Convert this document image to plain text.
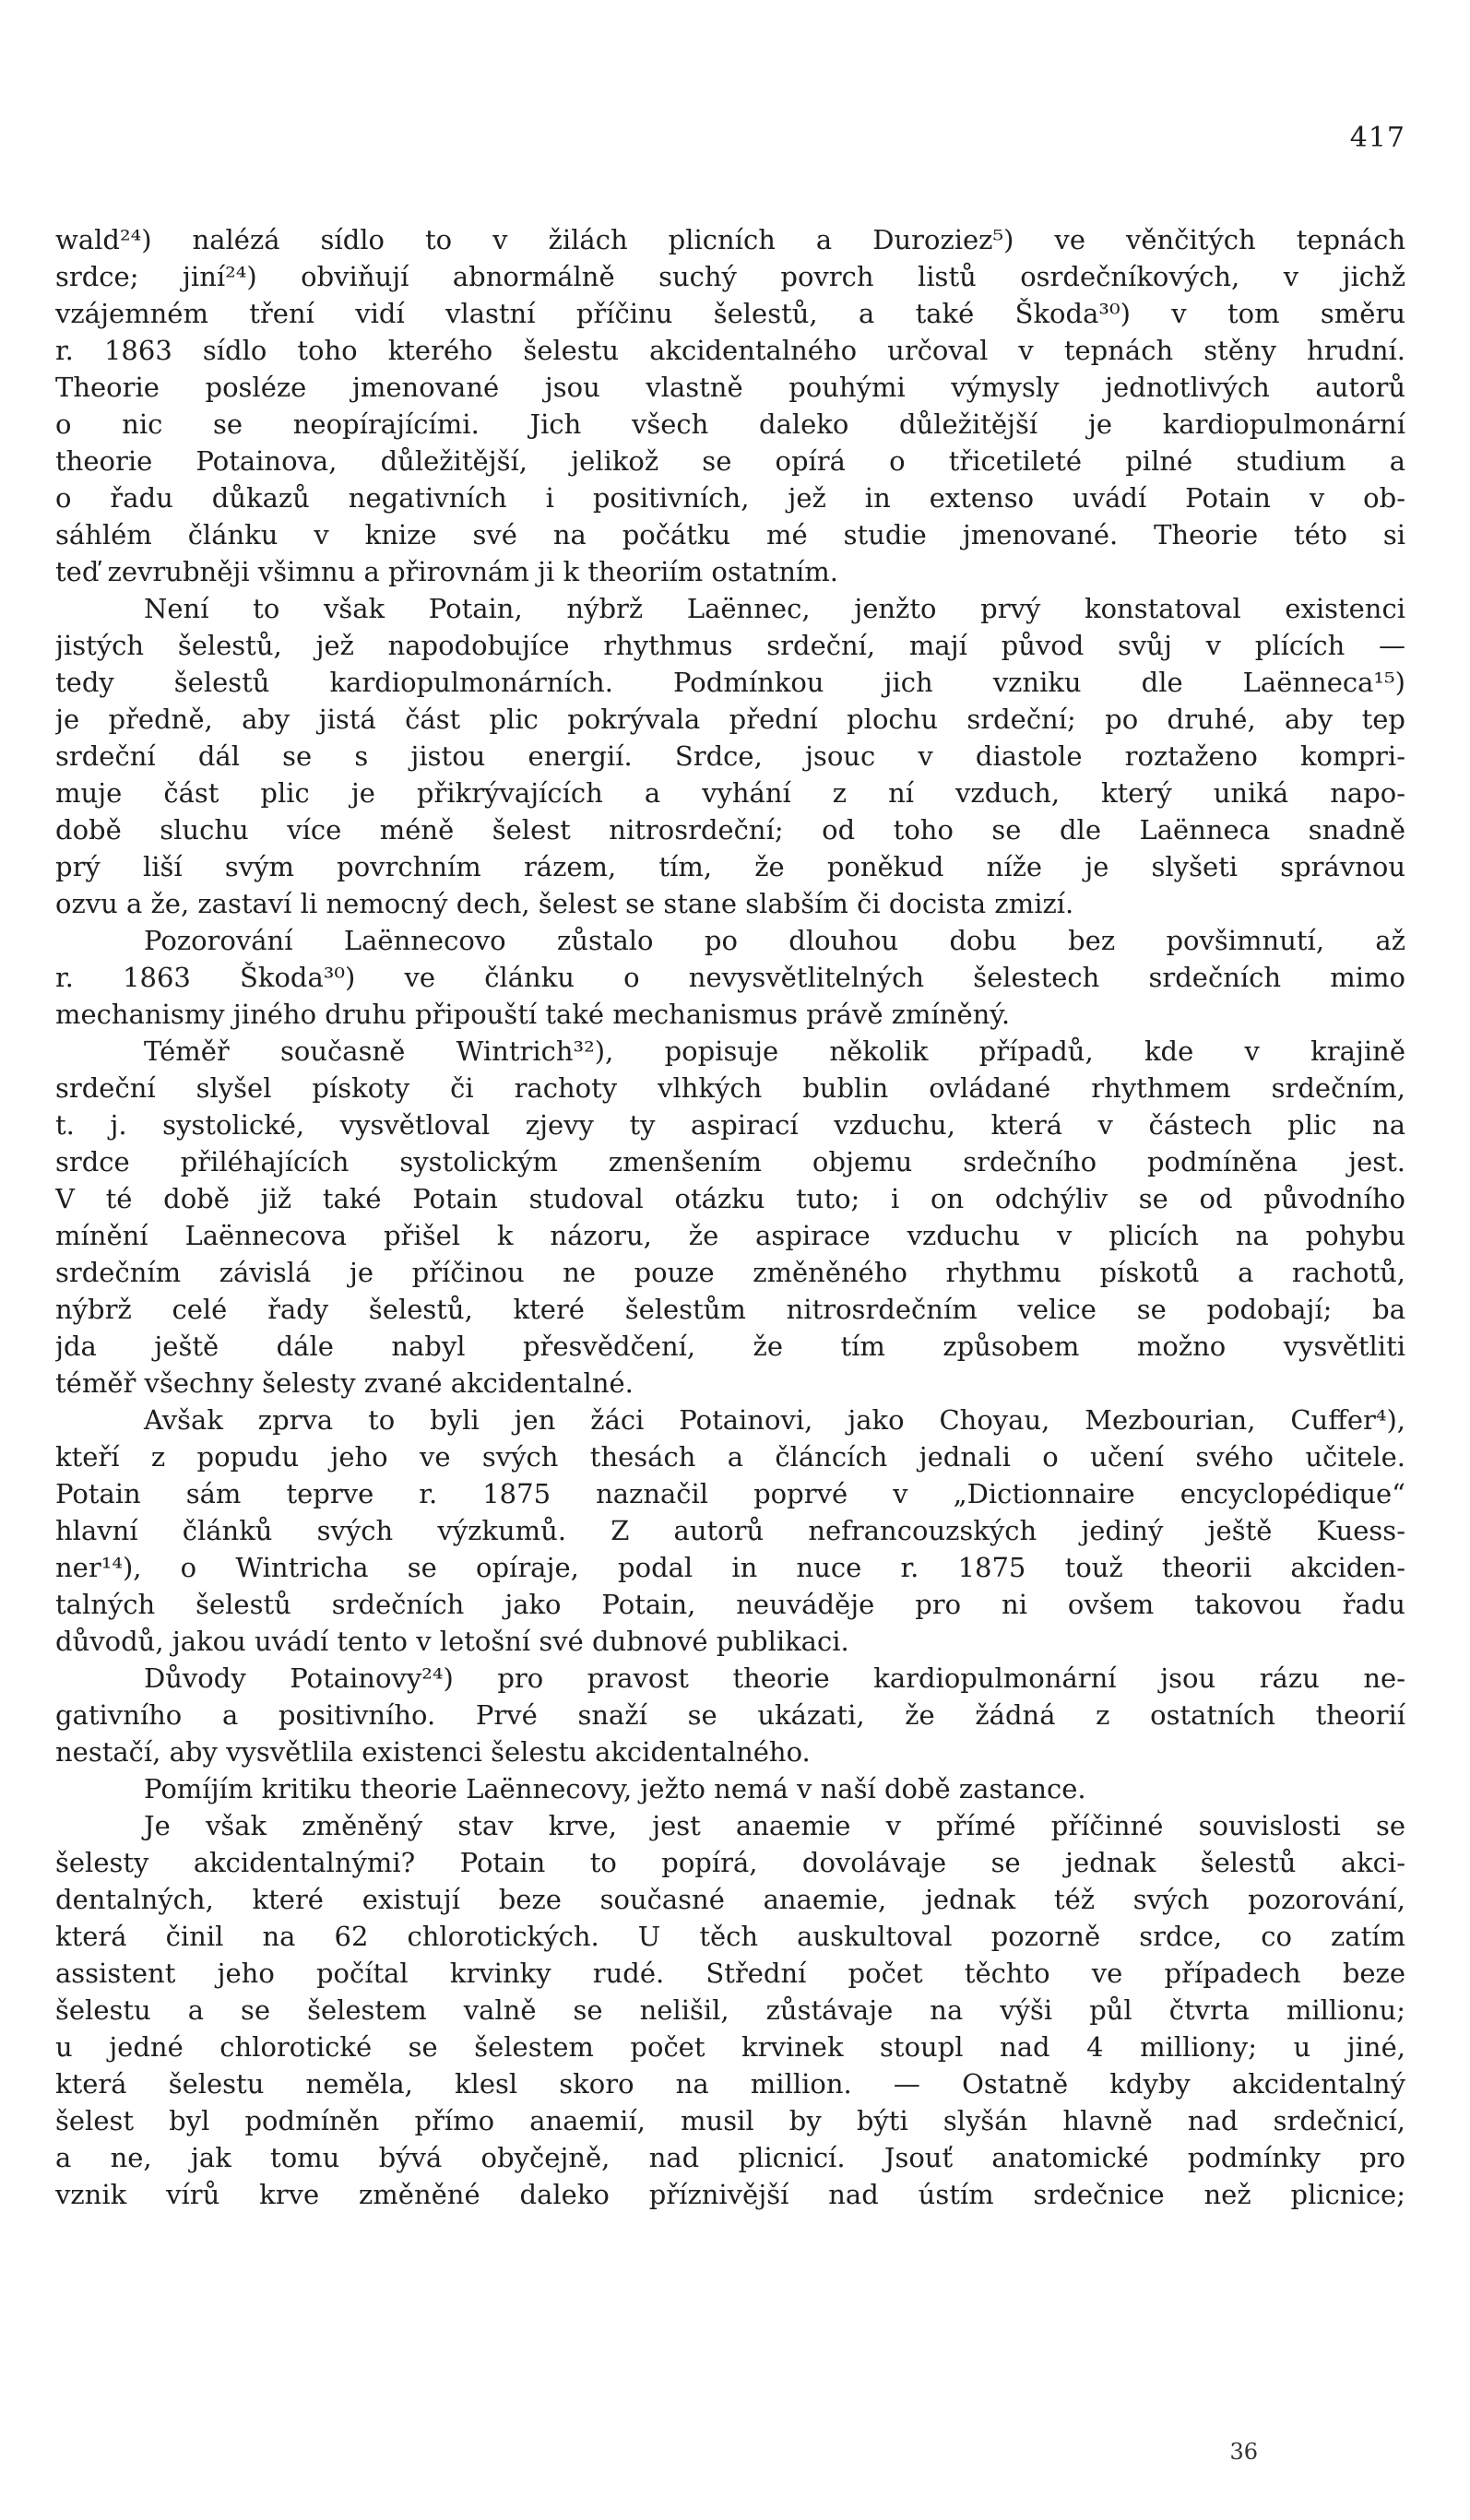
417
wald²⁴) nalézá sídlo to v žilách plicních a Duroziez⁵) ve věnčitých tepnách
srdce; jiní²⁴) obviňují abnormálně suchý povrch listů osrdečníkových, v jichž
vzájemném tření vidí vlastní příčinu šelestů, a také Škoda³⁰) v tom směru
r. 1863 sídlo toho kterého šelestu akcidentalného určoval v tepnách stěny hrudní.
Theorie posléze jmenované jsou vlastně pouhými výmysly jednotlivých autorů
o nic se neopírajícími. Jich všech daleko důležitější je kardiopulmonární
theorie Potainova, důležitější, jelikož se opírá o třicetileté pilné studium a
o řadu důkazů negativních i positivních, jež in extenso uvádí Potain v ob-
sáhlém článku v knize své na počátku mé studie jmenované. Theorie této si
teď zevrubněji všimnu a přirovnám ji k theoriím ostatním.
Není to však Potain, nýbrž Laënnec, jenžto prvý konstatoval existenci
jistých šelestů, jež napodobujíce rhythmus srdeční, mají původ svůj v plících —
tedy šelestů kardiopulmonárních. Podmínkou jich vzniku dle Laënneca¹⁵)
je předně, aby jistá část plic pokrývala přední plochu srdeční; po druhé, aby tep
srdeční dál se s jistou energií. Srdce, jsouc v diastole roztaženo kompri-
muje část plic je přikrývajících a vyhání z ní vzduch, který uniká napo-
době sluchu více méně šelest nitrosrdeční; od toho se dle Laënneca snadně
prý liší svým povrchním rázem, tím, že poněkud níže je slyšeti správnou
ozvu a že, zastaví li nemocný dech, šelest se stane slabším či docista zmizí.
Pozorování Laënnecovo zůstalo po dlouhou dobu bez povšimnutí, až
r. 1863 Škoda³⁰) ve článku o nevysvětlitelných šelestech srdečních mimo
mechanismy jiného druhu připouští také mechanismus právě zmíněný.
Téměř současně Wintrich³²), popisuje několik případů, kde v krajině
srdeční slyšel pískoty či rachoty vlhkých bublin ovládané rhythmem srdečním,
t. j. systolické, vysvětloval zjevy ty aspirací vzduchu, která v částech plic na
srdce přiléhajících systolickým zmenšením objemu srdečního podmíněna jest.
V té době již také Potain studoval otázku tuto; i on odchýliv se od původního
mínění Laënnecova přišel k názoru, že aspirace vzduchu v plicích na pohybu
srdečním závislá je příčinou ne pouze změněného rhythmu pískotů a rachotů,
nýbrž celé řady šelestů, které šelestům nitrosrdečním velice se podobají; ba
jda ještě dále nabyl přesvědčení, že tím způsobem možno vysvětliti
téměř všechny šelesty zvané akcidentalné.
Avšak zprva to byli jen žáci Potainovi, jako Choyau, Mezbourian, Cuffer⁴),
kteří z popudu jeho ve svých thesách a článcích jednali o učení svého učitele.
Potain sám teprve r. 1875 naznačil poprvé v „Dictionnaire encyclopédique“
hlavní článků svých výzkumů. Z autorů nefrancouzských jediný ještě Kuess-
ner¹⁴), o Wintricha se opíraje, podal in nuce r. 1875 touž theorii akciden-
talných šelestů srdečních jako Potain, neuváděje pro ni ovšem takovou řadu
důvodů, jakou uvádí tento v letošní své dubnové publikaci.
Důvody Potainovy²⁴) pro pravost theorie kardiopulmonární jsou rázu ne-
gativního a positivního. Prvé snaží se ukázati, že žádná z ostatních theorií
nestačí, aby vysvětlila existenci šelestu akcidentalného.
Pomíjím kritiku theorie Laënnecovy, ježto nemá v naší době zastance.
Je však změněný stav krve, jest anaemie v přímé příčinné souvislosti se
šelesty akcidentalnými? Potain to popírá, dovolávaje se jednak šelestů akci-
dentalných, které existují beze současné anaemie, jednak též svých pozorování,
která činil na 62 chlorotických. U těch auskultoval pozorně srdce, co zatím
assistent jeho počítal krvinky rudé. Střední počet těchto ve případech beze
šelestu a se šelestem valně se nelišil, zůstávaje na výši půl čtvrta millionu;
u jedné chlorotické se šelestem počet krvinek stoupl nad 4 milliony; u jiné,
která šelestu neměla, klesl skoro na million. — Ostatně kdyby akcidentalný
šelest byl podmíněn přímo anaemií, musil by býti slyšán hlavně nad srdečnicí,
a ne, jak tomu bývá obyčejně, nad plicnicí. Jsouť anatomické podmínky pro
vznik vírů krve změněné daleko příznivější nad ústím srdečnice než plicnice;
36
